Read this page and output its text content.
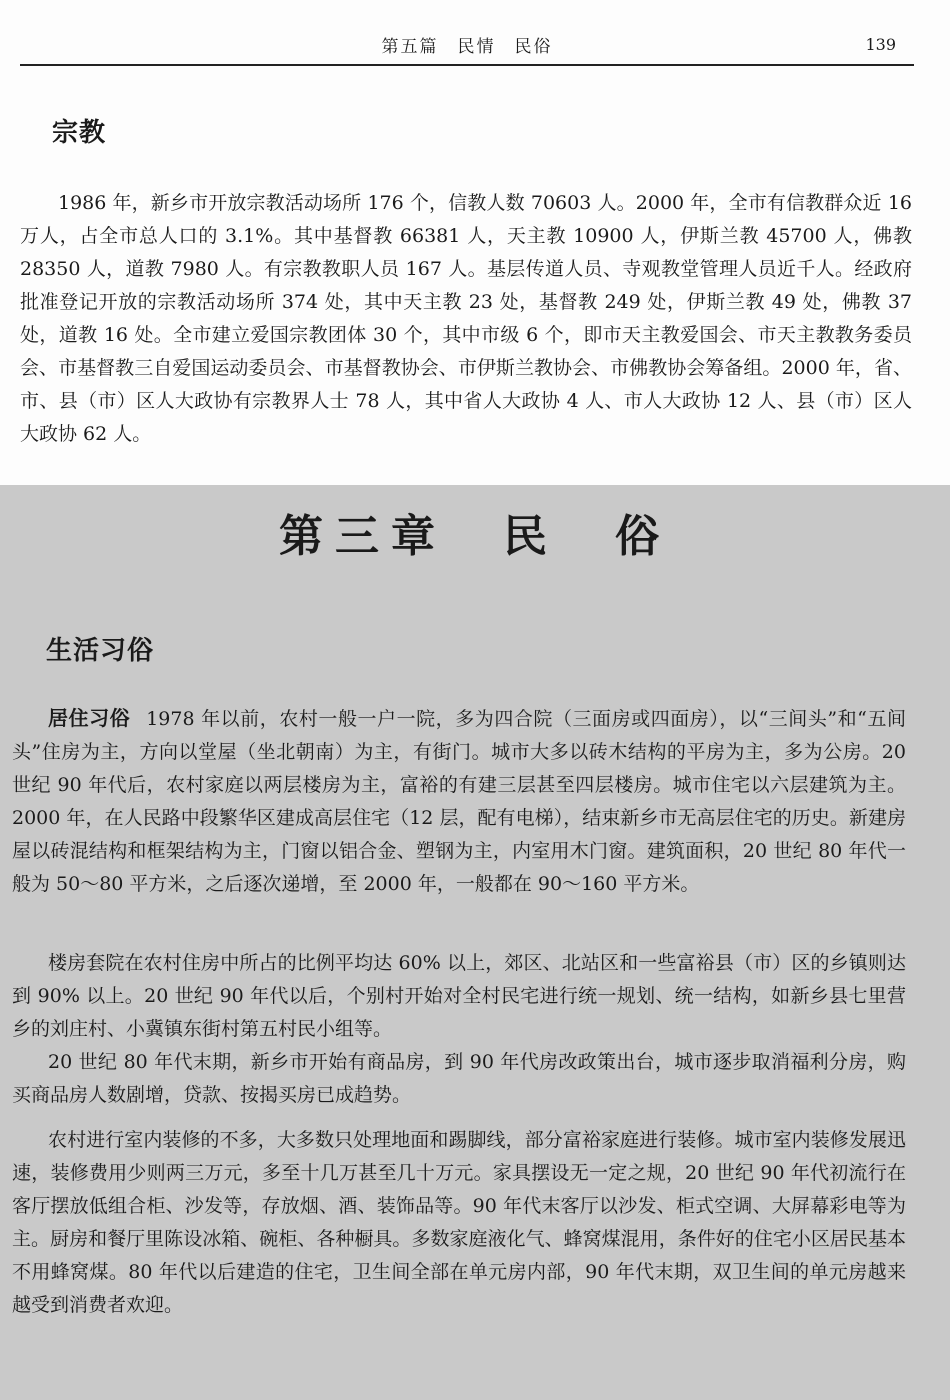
第五篇　民情　民俗	139
宗教

1986 年，新乡市开放宗教活动场所 176 个，信教人数 70603 人。2000 年，全市有信教群众近 16 万人，占全市总人口的 3.1%。其中基督教 66381 人，天主教 10900 人，伊斯兰教 45700 人，佛教 28350 人，道教 7980 人。有宗教教职人员 167 人。基层传道人员、寺观教堂管理人员近千人。经政府批准登记开放的宗教活动场所 374 处，其中天主教 23 处，基督教 249 处，伊斯兰教 49 处，佛教 37 处，道教 16 处。全市建立爱国宗教团体 30 个，其中市级 6 个，即市天主教爱国会、市天主教教务委员会、市基督教三自爱国运动委员会、市基督教协会、市伊斯兰教协会、市佛教协会筹备组。2000 年，省、市、县（市）区人大政协有宗教界人士 78 人，其中省人大政协 4 人、市人大政协 12 人、县（市）区人大政协 62 人。

第三章　民　俗
生活习俗

居住习俗 1978 年以前，农村一般一户一院，多为四合院（三面房或四面房），以“三间头”和“五间头”住房为主，方向以堂屋（坐北朝南）为主，有街门。城市大多以砖木结构的平房为主，多为公房。20 世纪 90 年代后，农村家庭以两层楼房为主，富裕的有建三层甚至四层楼房。城市住宅以六层建筑为主。2000 年，在人民路中段繁华区建成高层住宅（12 层，配有电梯），结束新乡市无高层住宅的历史。新建房屋以砖混结构和框架结构为主，门窗以铝合金、塑钢为主，内室用木门窗。建筑面积，20 世纪 80 年代一般为 50～80 平方米，之后逐次递增，至 2000 年，一般都在 90～160 平方米。

楼房套院在农村住房中所占的比例平均达 60% 以上，郊区、北站区和一些富裕县（市）区的乡镇则达到 90% 以上。20 世纪 90 年代以后，个别村开始对全村民宅进行统一规划、统一结构，如新乡县七里营乡的刘庄村、小冀镇东街村第五村民小组等。

20 世纪 80 年代末期，新乡市开始有商品房，到 90 年代房改政策出台，城市逐步取消福利分房，购买商品房人数剧增，贷款、按揭买房已成趋势。

农村进行室内装修的不多，大多数只处理地面和踢脚线，部分富裕家庭进行装修。城市室内装修发展迅速，装修费用少则两三万元，多至十几万甚至几十万元。家具摆设无一定之规，20 世纪 90 年代初流行在客厅摆放低组合柜、沙发等，存放烟、酒、装饰品等。90 年代末客厅以沙发、柜式空调、大屏幕彩电等为主。厨房和餐厅里陈设冰箱、碗柜、各种橱具。多数家庭液化气、蜂窝煤混用，条件好的住宅小区居民基本不用蜂窝煤。80 年代以后建造的住宅，卫生间全部在单元房内部，90 年代末期，双卫生间的单元房越来越受到消费者欢迎。
